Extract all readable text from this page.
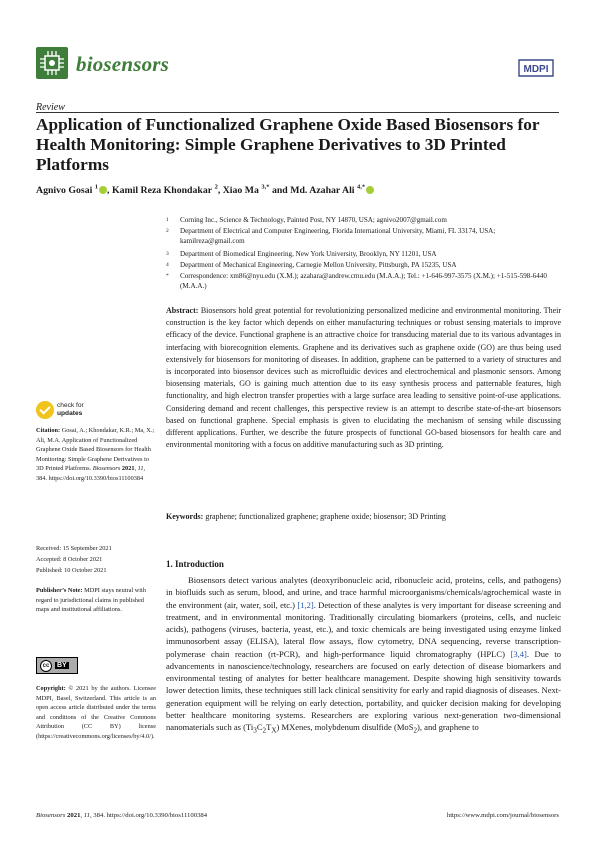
biosensors	MDPI
Review
Application of Functionalized Graphene Oxide Based Biosensors for Health Monitoring: Simple Graphene Derivatives to 3D Printed Platforms
Agnivo Gosai $^1$ , Kamil Reza Khondakar $^2$, Xiao Ma $^{3,*}$ and Md. Azahar Ali $^{4,*}$
1	Corning Inc., Science & Technology, Painted Post, NY 14870, USA; agnivo2007@gmail.com
2	Department of Electrical and Computer Engineering, Florida International University, Miami, FL 33174, USA; kamilreza@gmail.com
3	Department of Biomedical Engineering, New York University, Brooklyn, NY 11201, USA
4	Department of Mechanical Engineering, Carnegie Mellon University, Pittsburgh, PA 15235, USA
*	Correspondence: xm86@nyu.edu (X.M.); azahara@andrew.cmu.edu (M.A.A.); Tel.: +1-646-997-3575 (X.M.); +1-515-598-6440 (M.A.A.)
Abstract: Biosensors hold great potential for revolutionizing personalized medicine and environmental monitoring. Their construction is the key factor which depends on either manufacturing techniques or robust sensing materials to improve efficacy of the device. Functional graphene is an attractive choice for transducing material due to its various advantages in interfacing with biorecognition elements. Graphene and its derivatives such as graphene oxide (GO) are thus being used extensively for biosensors for monitoring of diseases. In addition, graphene can be patterned to a variety of structures and is incorporated into biosensor devices such as microfluidic devices and electrochemical and plasmonic sensors. Among biosensing materials, GO is gaining much attention due to its easy synthesis process and patternable features, high functionality, and high electron transfer properties with a large surface area leading to sensitive point-of-use applications. Considering demand and recent challenges, this perspective review is an attempt to describe state-of-the-art biosensors based on functional graphene. Special emphasis is given to elucidating the mechanism of sensing while discussing different applications. Further, we describe the future prospects of functional GO-based biosensors for health care and environmental monitoring with a focus on additive manufacturing such as 3D printing.
Keywords: graphene; functionalized graphene; graphene oxide; biosensor; 3D Printing
check for
updates
Citation: Gosai, A.; Khondakar, K.R.; Ma, X.; Ali, M.A. Application of Functionalized Graphene Oxide Based Biosensors for Health Monitoring: Simple Graphene Derivatives to 3D Printed Platforms. Biosensors 2021, 11, 384. https://doi.org/10.3390/bios11100384
Received: 15 September 2021
Accepted: 8 October 2021
Published: 10 October 2021
Publisher’s Note: MDPI stays neutral with regard to jurisdictional claims in published maps and institutional affiliations.
cc	BY
Copyright: © 2021 by the authors. Licensee MDPI, Basel, Switzerland. This article is an open access article distributed under the terms and conditions of the Creative Commons Attribution (CC BY) license (https://creativecommons.org/licenses/by/4.0/).
1. Introduction
Biosensors detect various analytes (deoxyribonucleic acid, ribonucleic acid, proteins, cells, and pathogens) in biofluids such as serum, blood, and urine, and trace harmful microorganisms/chemicals/agrochemical waste in the environment (air, water, soil, etc.) [1,2]. Detection of these analytes is very important for disease screening and treatment, and in environmental monitoring. Traditionally circulating biomarkers (proteins, cells, and nucleic acids), pathogens (viruses, bacteria, yeast, etc.), and toxic chemicals are being investigated using enzyme linked immunosorbent assay (ELISA), lateral flow assays, flow cytometry, DNA sequencing, reverse transcription-polymerase chain reaction (rt-PCR), and high-performance liquid chromatography (HPLC) [3,4]. Due to advancements in nanoscience/technology, researchers are focused on early detection of disease biomarkers and environmental testing of analytes for better healthcare management. Despite showing high sensitivity towards lower detection limits, these techniques still lack clinical sensitivity for early and rapid diagnosis of diseases. Next-generation equipment will be relying on early detection, portability, and quicker decision making for developing better healthcare monitoring systems. Researchers are exploring various next-generation two-dimensional nanomaterials such as $(Ti_3C_2T_X)$ MXenes, molybdenum disulfide (MoS$_2$), and graphene to
Biosensors 2021, 11, 384. https://doi.org/10.3390/bios11100384	https://www.mdpi.com/journal/biosensors
